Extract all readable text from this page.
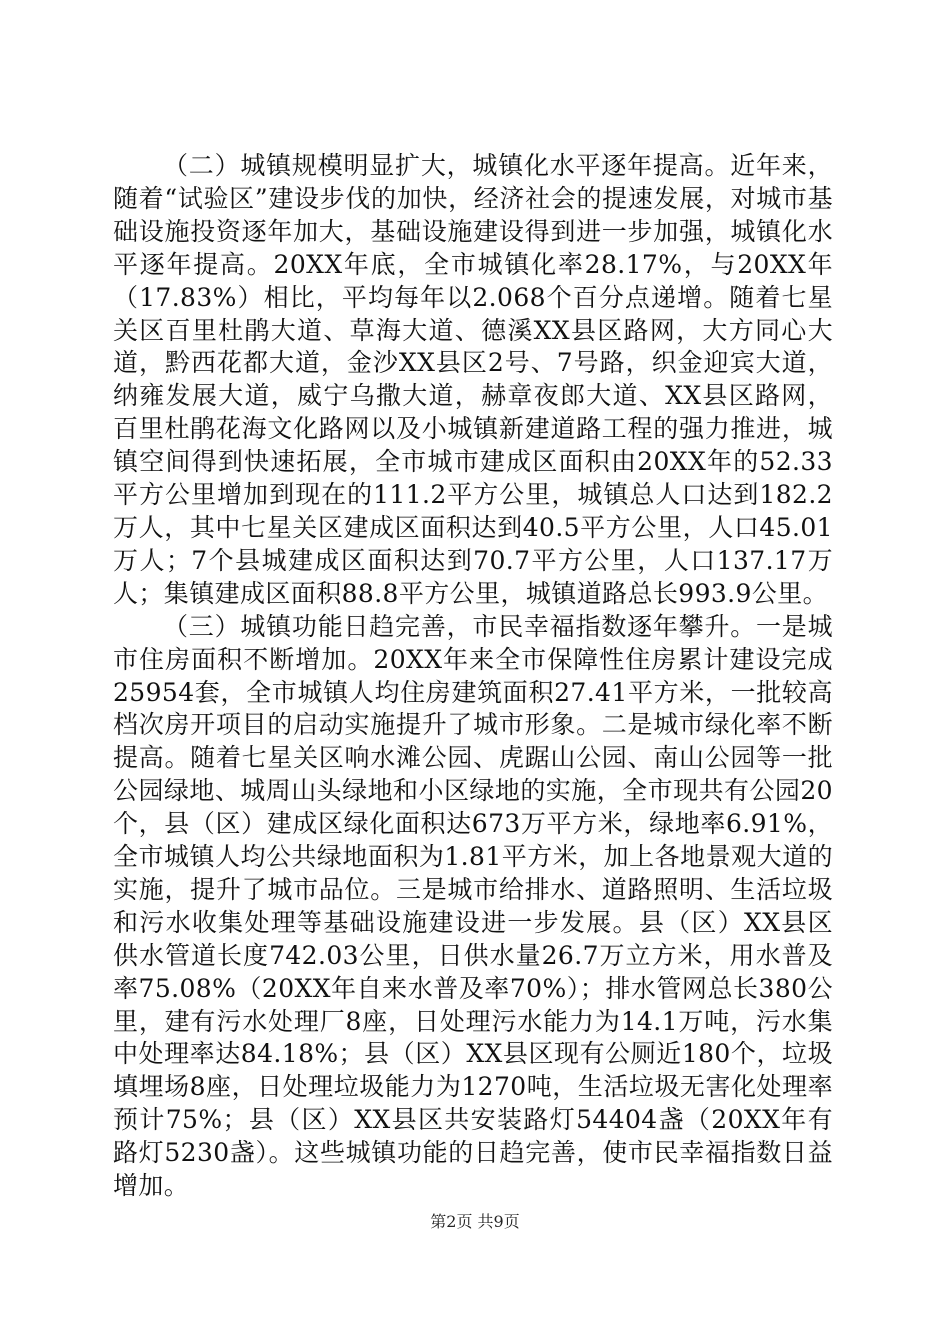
（二）城镇规模明显扩大，城镇化水平逐年提高。近年来，随着“试验区”建设步伐的加快，经济社会的提速发展，对城市基础设施投资逐年加大，基础设施建设得到进一步加强，城镇化水平逐年提高。20XX年底，全市城镇化率28.17%，与20XX年（17.83%）相比，平均每年以2.068个百分点递增。随着七星关区百里杜鹃大道、草海大道、德溪XX县区路网，大方同心大道，黔西花都大道，金沙XX县区2号、7号路，织金迎宾大道，纳雍发展大道，威宁乌撒大道，赫章夜郎大道、XX县区路网，百里杜鹃花海文化路网以及小城镇新建道路工程的强力推进，城镇空间得到快速拓展，全市城市建成区面积由20XX年的52.33平方公里增加到现在的111.2平方公里，城镇总人口达到182.2万人，其中七星关区建成区面积达到40.5平方公里，人口45.01万人；7个县城建成区面积达到70.7平方公里，人口137.17万人；集镇建成区面积88.8平方公里，城镇道路总长993.9公里。

（三）城镇功能日趋完善，市民幸福指数逐年攀升。一是城市住房面积不断增加。20XX年来全市保障性住房累计建设完成25954套，全市城镇人均住房建筑面积27.41平方米，一批较高档次房开项目的启动实施提升了城市形象。二是城市绿化率不断提高。随着七星关区响水滩公园、虎踞山公园、南山公园等一批公园绿地、城周山头绿地和小区绿地的实施，全市现共有公园20个，县（区）建成区绿化面积达673万平方米，绿地率6.91%，全市城镇人均公共绿地面积为1.81平方米，加上各地景观大道的实施，提升了城市品位。三是城市给排水、道路照明、生活垃圾和污水收集处理等基础设施建设进一步发展。县（区）XX县区供水管道长度742.03公里，日供水量26.7万立方米，用水普及率75.08%（20XX年自来水普及率70%）；排水管网总长380公里，建有污水处理厂8座，日处理污水能力为14.1万吨，污水集中处理率达84.18%；县（区）XX县区现有公厕近180个，垃圾填埋场8座，日处理垃圾能力为1270吨，生活垃圾无害化处理率预计75%；县（区）XX县区共安装路灯54404盏（20XX年有路灯5230盏）。这些城镇功能的日趋完善，使市民幸福指数日益增加。

第2页 共9页
